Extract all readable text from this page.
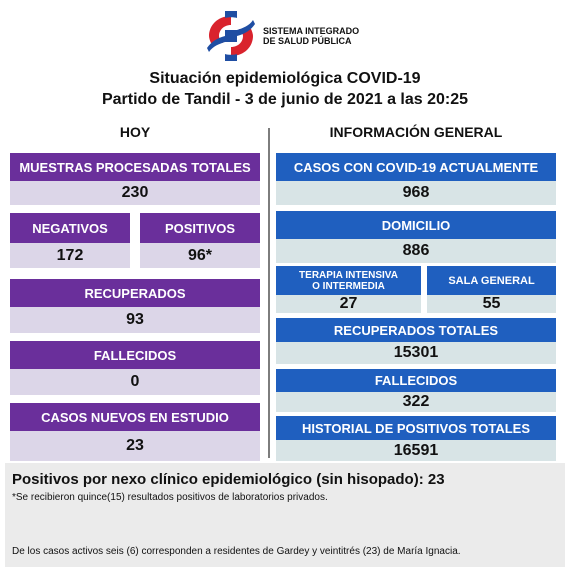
SISTEMA INTEGRADO
DE SALUD PÚBLICA
Situación epidemiológica COVID-19
Partido de Tandil - 3 de junio de 2021 a las 20:25
HOY	INFORMACIÓN GENERAL
MUESTRAS PROCESADAS TOTALES
230
NEGATIVOS
172
POSITIVOS
96*
RECUPERADOS
93
FALLECIDOS
0
CASOS NUEVOS EN ESTUDIO
23
CASOS CON COVID-19 ACTUALMENTE
968
DOMICILIO
886
TERAPIA INTENSIVA
O INTERMEDIA
27
SALA GENERAL
55
RECUPERADOS TOTALES
15301
FALLECIDOS
322
HISTORIAL DE POSITIVOS TOTALES
16591
Positivos por nexo clínico epidemiológico (sin hisopado): 23
*Se recibieron quince(15) resultados positivos de laboratorios privados.
De los casos activos seis (6) corresponden a residentes de Gardey y veintitrés (23) de María Ignacia.
